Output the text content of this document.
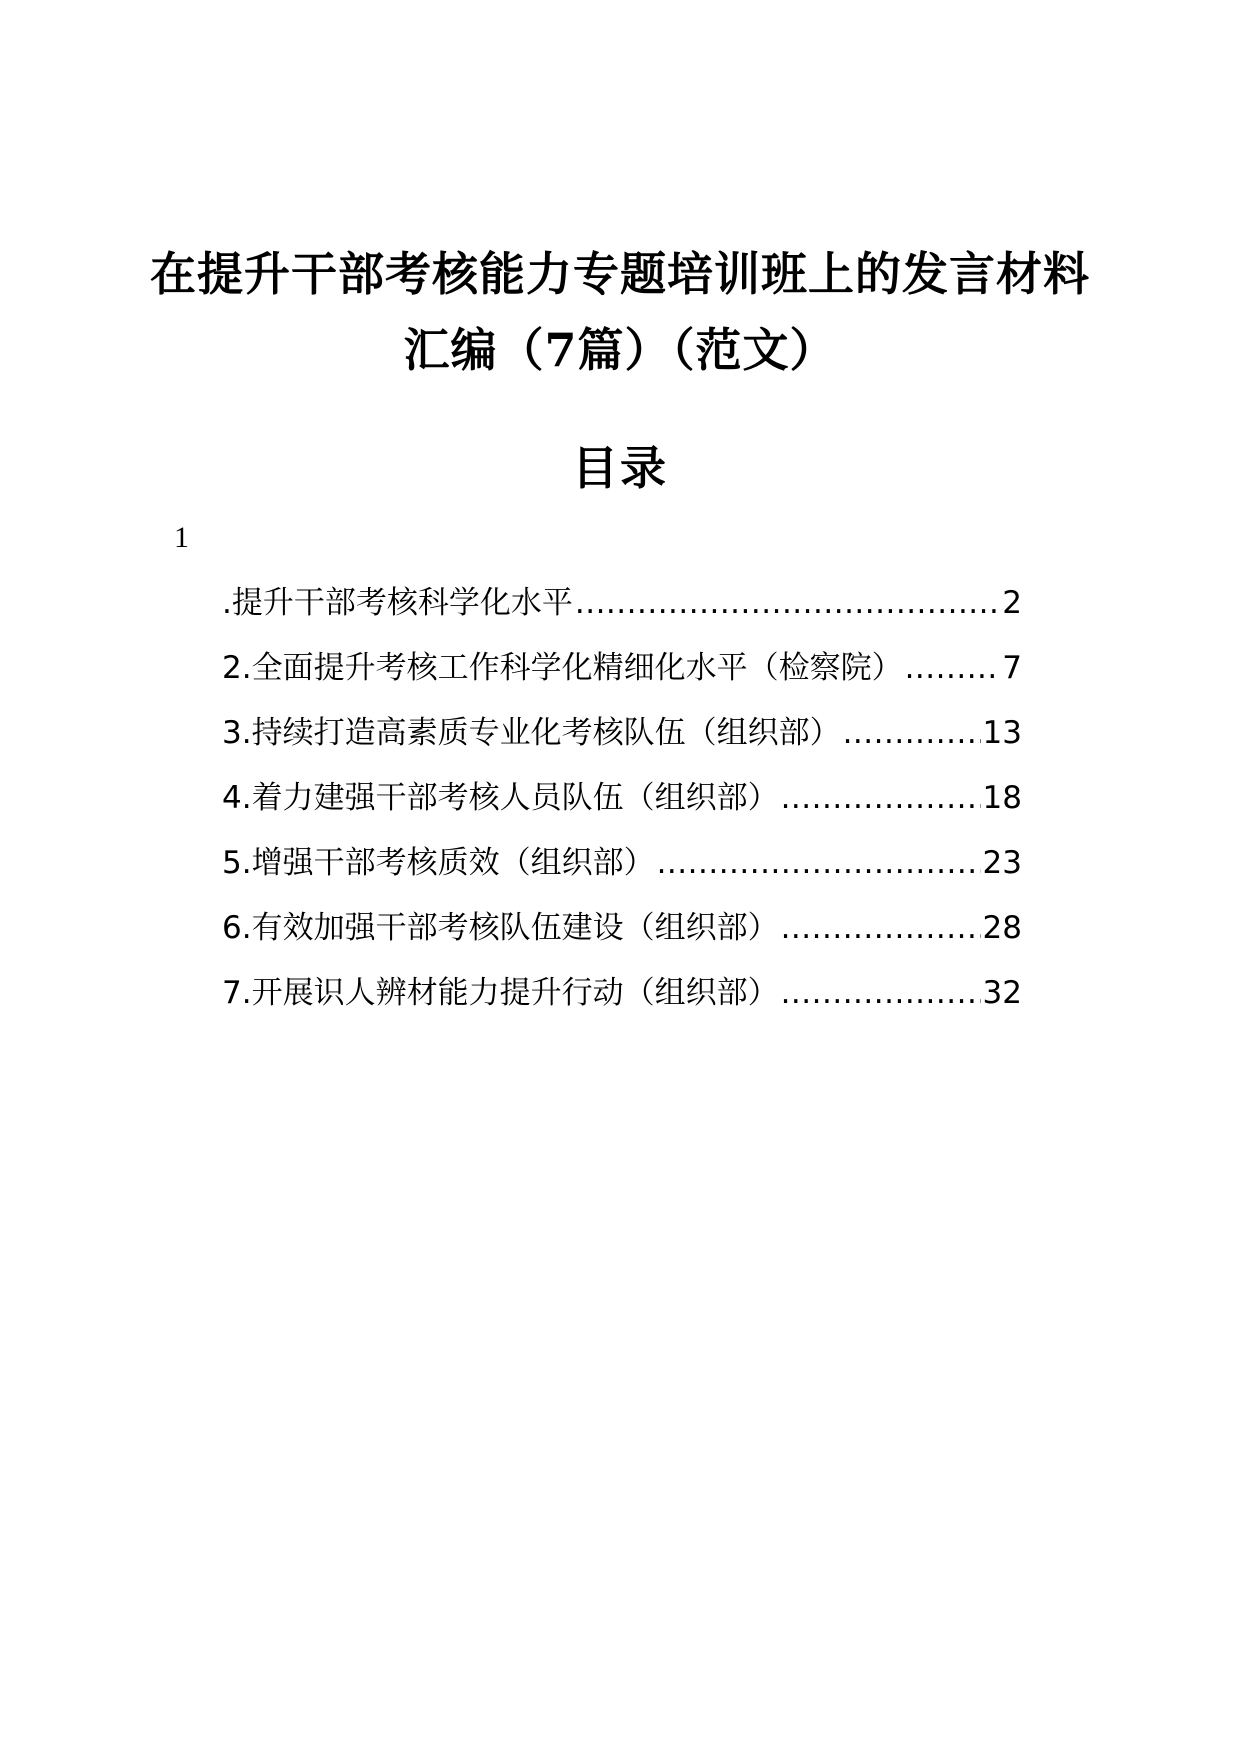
在提升干部考核能力专题培训班上的发言材料
汇编（7篇）（范文）
目录
1
.提升干部考核科学化水平 .....	2
2.全面提升考核工作科学化精细化水平（检察院） .....	7
3.持续打造高素质专业化考核队伍（组织部） .....	13
4.着力建强干部考核人员队伍（组织部） .....	18
5.增强干部考核质效（组织部） .....	23
6.有效加强干部考核队伍建设（组织部） .....	28
7.开展识人辨材能力提升行动（组织部） .....	32
